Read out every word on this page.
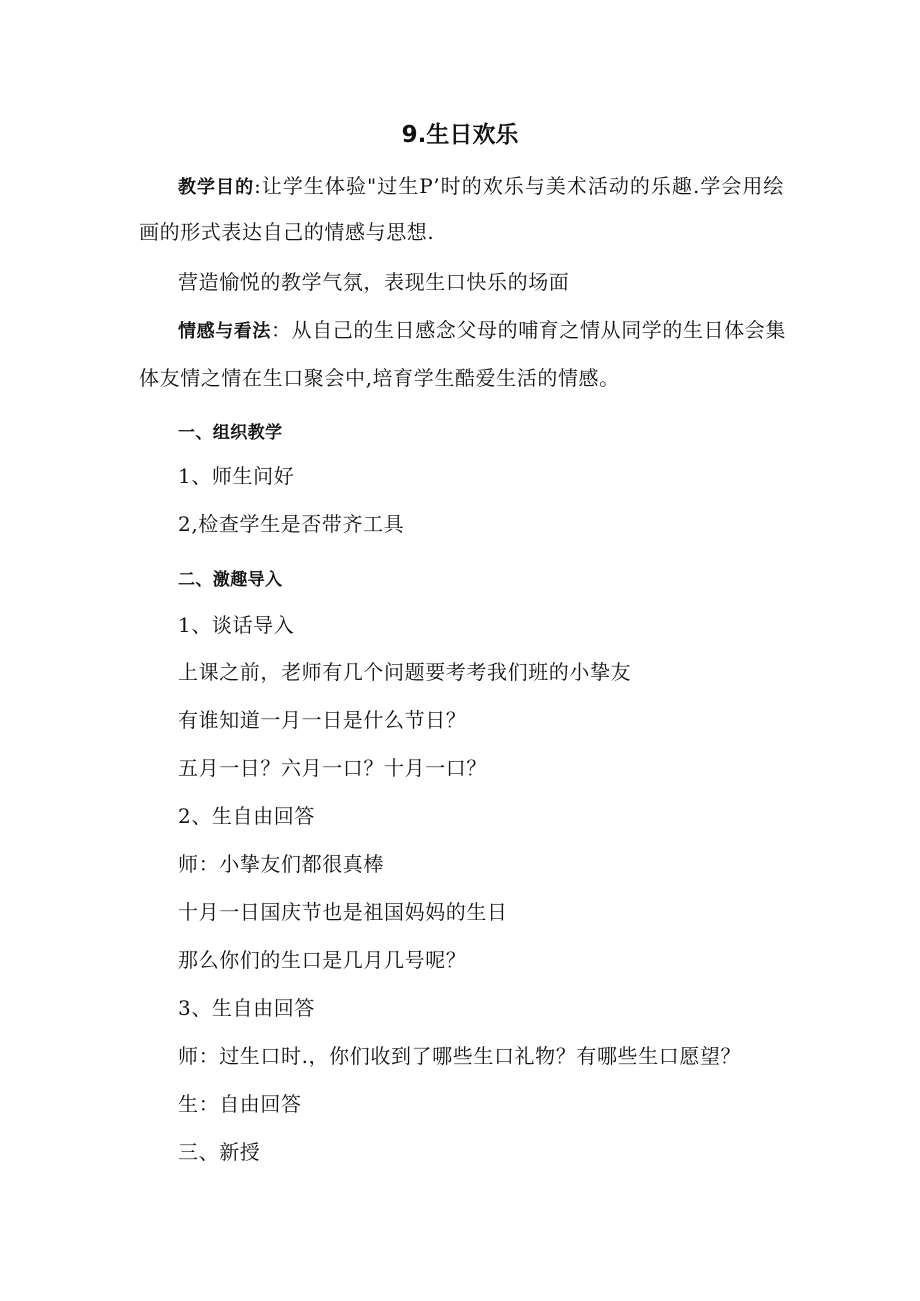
9.生日欢乐
教学目的:让学生体验"过生P’时的欢乐与美术活动的乐趣.学会用绘
画的形式表达自己的情感与思想.
营造愉悦的教学气氛，表现生口快乐的场面
情感与看法：从自己的生日感念父母的哺育之情从同学的生日体会集
体友情之情在生口聚会中,培育学生酷爱生活的情感。
一、组织教学
1、师生问好
2,检查学生是否带齐工具
二、激趣导入
1、谈话导入
上课之前，老师有几个问题要考考我们班的小挚友
有谁知道一月一日是什么节日？
五月一日？六月一口？十月一口？
2、生自由回答
师：小挚友们都很真棒
十月一日国庆节也是祖国妈妈的生日
那么你们的生口是几月几号呢？
3、生自由回答
师：过生口时.，你们收到了哪些生口礼物？有哪些生口愿望？
生：自由回答
三、新授
